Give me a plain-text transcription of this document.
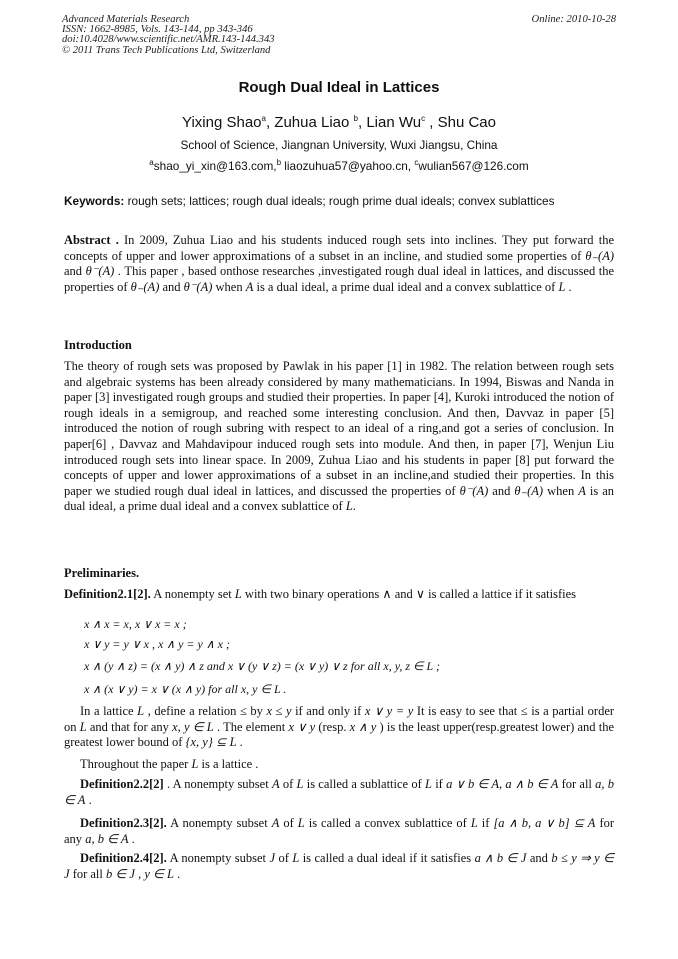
Advanced Materials Research
ISSN: 1662-8985, Vols. 143-144, pp 343-346
doi:10.4028/www.scientific.net/AMR.143-144.343
© 2011 Trans Tech Publications Ltd, Switzerland
Online: 2010-10-28
Rough Dual Ideal in Lattices
Yixing Shao$^a$, Zuhua Liao $^b$, Lian Wu$^c$ , Shu Cao
School of Science, Jiangnan University, Wuxi Jiangsu, China
$^a$shao_yi_xin@163.com,$^b$ liaozuhua57@yahoo.cn, $^c$wulian567@126.com
Keywords: rough sets; lattices; rough dual ideals; rough prime dual ideals; convex sublattices
Abstract . In 2009, Zuhua Liao and his students induced rough sets into inclines. They put forward the concepts of upper and lower approximations of a subset in an incline, and studied some properties of θ₋(A) and θ⁻(A) . This paper , based onthose researches ,investigated rough dual ideal in lattices, and discussed the properties of θ₋(A) and θ⁻(A) when A is a dual ideal, a prime dual ideal and a convex sublattice of L .
Introduction
The theory of rough sets was proposed by Pawlak in his paper [1] in 1982. The relation between rough sets and algebraic systems has been already considered by many mathematicians. In 1994, Biswas and Nanda in paper [3] investigated rough groups and studied their properties. In paper [4], Kuroki introduced the notion of rough ideals in a semigroup, and reached some interesting conclusion. And then, Davvaz in paper [5] introduced the notion of rough subring with respect to an ideal of a ring,and got a series of conclusion. In paper[6] , Davvaz and Mahdavipour induced rough sets into module. And then, in paper [7], Wenjun Liu introduced rough sets into linear space. In 2009, Zuhua Liao and his students in paper [8] put forward the concepts of upper and lower approximations of a subset in an incline,and studied their properties. In this paper we studied rough dual ideal in lattices, and discussed the properties of θ⁻(A) and θ₋(A) when A is an dual ideal, a prime dual ideal and a convex sublattice of L.
Preliminaries.
Definition2.1[2]. A nonempty set L with two binary operations ∧ and ∨ is called a lattice if it satisfies
x ∧ x = x, x ∨ x = x ;
x ∨ y = y ∨ x , x ∧ y = y ∧ x ;
x ∧ (y ∧ z) = (x ∧ y) ∧ z and x ∨ (y ∨ z) = (x ∨ y) ∨ z for all x, y, z ∈ L ;
x ∧ (x ∨ y) = x ∨ (x ∧ y) for all x, y ∈ L .
In a lattice L , define a relation ≤ by x ≤ y if and only if x ∨ y = y It is easy to see that ≤ is a partial order on L and that for any x, y ∈ L . The element x ∨ y (resp. x ∧ y ) is the least upper(resp.greatest lower) and the greatest lower bound of {x, y} ⊆ L .
Throughout the paper L is a lattice .
Definition2.2[2] . A nonempty subset A of L is called a sublattice of L if a ∨ b ∈ A, a ∧ b ∈ A for all a, b ∈ A .
Definition2.3[2]. A nonempty subset A of L is called a convex sublattice of L if [a ∧ b, a ∨ b] ⊆ A for any a, b ∈ A .
Definition2.4[2]. A nonempty subset J of L is called a dual ideal if it satisfies a ∧ b ∈ J and b ≤ y ⇒ y ∈ J for all b ∈ J , y ∈ L .
